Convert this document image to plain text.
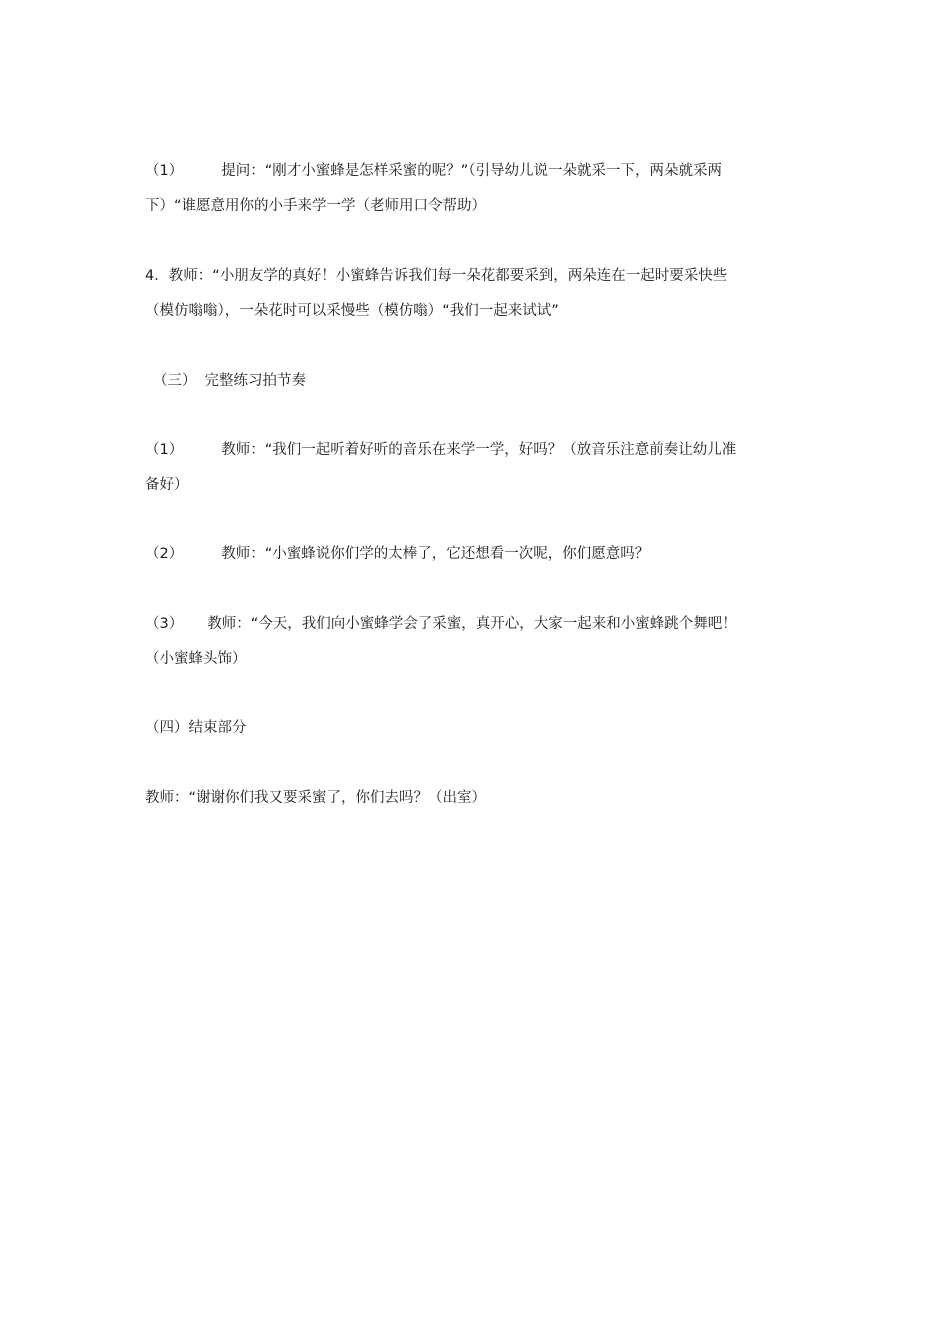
（1）	提问：“刚才小蜜蜂是怎样采蜜的呢？”（引导幼儿说一朵就采一下，两朵就采两
下）“谁愿意用你的小手来学一学（老师用口令帮助）
4．教师：“小朋友学的真好！小蜜蜂告诉我们每一朵花都要采到，两朵连在一起时要采快些
（模仿嗡嗡），一朵花时可以采慢些（模仿嗡）“我们一起来试试”
（三） 完整练习拍节奏
（1）	教师：“我们一起听着好听的音乐在来学一学，好吗？（放音乐注意前奏让幼儿准
备好）
（2）	教师：“小蜜蜂说你们学的太棒了，它还想看一次呢，你们愿意吗？
（3） 教师：“今天，我们向小蜜蜂学会了采蜜，真开心，大家一起来和小蜜蜂跳个舞吧！
（小蜜蜂头饰）
（四）结束部分
教师：“谢谢你们我又要采蜜了，你们去吗？（出室）
